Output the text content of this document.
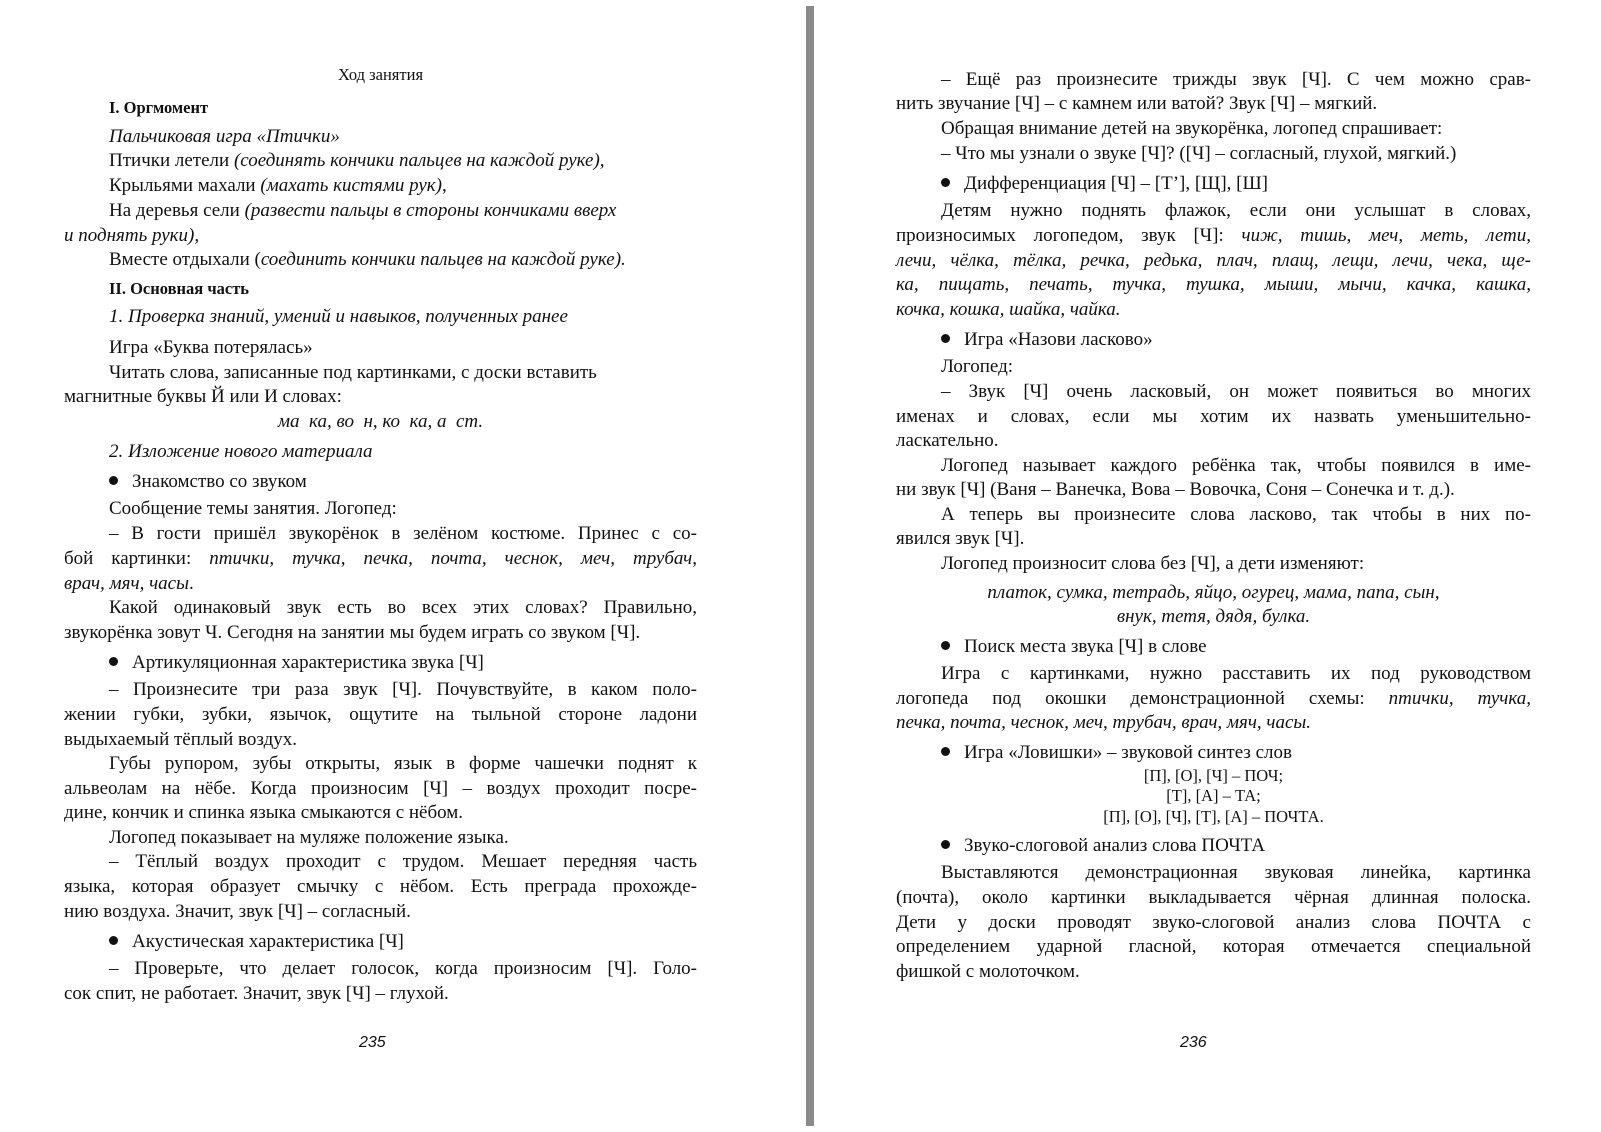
Ход занятия
I. Оргмомент
Пальчиковая игра «Птички»
Птички летели (соединять кончики пальцев на каждой руке),
Крыльями махали (махать кистями рук),
На деревья сели (развести пальцы в стороны кончиками вверх
и поднять руки),
Вместе отдыхали (соединить кончики пальцев на каждой руке).
II. Основная часть
1. Проверка знаний, умений и навыков, полученных ранее
Игра «Буква потерялась»
Читать слова, записанные под картинками, с доски вставить
магнитные буквы Й или И словах:
ма  ка, во  н, ко  ка, а  ст.
2. Изложение нового материала
Знакомство со звуком
Сообщение темы занятия. Логопед:
– В гости пришёл звукорёнок в зелёном костюме. Принес с со-
бой картинки: птички, тучка, печка, почта, чеснок, меч, трубач,
врач, мяч, часы.
Какой одинаковый звук есть во всех этих словах? Правильно,
звукорёнка зовут Ч. Сегодня на занятии мы будем играть со звуком [Ч].
Артикуляционная характеристика звука [Ч]
– Произнесите три раза звук [Ч]. Почувствуйте, в каком поло-
жении губки, зубки, язычок, ощутите на тыльной стороне ладони
выдыхаемый тёплый воздух.
Губы рупором, зубы открыты, язык в форме чашечки поднят к
альвеолам на нёбе. Когда произносим [Ч] – воздух проходит посре-
дине, кончик и спинка языка смыкаются с нёбом.
Логопед показывает на муляже положение языка.
– Тёплый воздух проходит с трудом. Мешает передняя часть
языка, которая образует смычку с нёбом. Есть преграда прохожде-
нию воздуха. Значит, звук [Ч] – согласный.
Акустическая характеристика [Ч]
– Проверьте, что делает голосок, когда произносим [Ч]. Голо-
сок спит, не работает. Значит, звук [Ч] – глухой.
235
– Ещё раз произнесите трижды звук [Ч]. С чем можно срав-
нить звучание [Ч] – с камнем или ватой? Звук [Ч] – мягкий.
Обращая внимание детей на звукорёнка, логопед спрашивает:
– Что мы узнали о звуке [Ч]? ([Ч] – согласный, глухой, мягкий.)
Дифференциация [Ч] – [Т’], [Щ], [Ш]
Детям нужно поднять флажок, если они услышат в словах,
произносимых логопедом, звук [Ч]: чиж, тишь, меч, меть, лети,
лечи, чёлка, тёлка, речка, редька, плач, плащ, лещи, лечи, чека, ще-
ка, пищать, печать, тучка, тушка, мыши, мычи, качка, кашка,
кочка, кошка, шайка, чайка.
Игра «Назови ласково»
Логопед:
– Звук [Ч] очень ласковый, он может появиться во многих
именах и словах, если мы хотим их назвать уменьшительно-
ласкательно.
Логопед называет каждого ребёнка так, чтобы появился в име-
ни звук [Ч] (Ваня – Ванечка, Вова – Вовочка, Соня – Сонечка и т. д.).
А теперь вы произнесите слова ласково, так чтобы в них по-
явился звук [Ч].
Логопед произносит слова без [Ч], а дети изменяют:
платок, сумка, тетрадь, яйцо, огурец, мама, папа, сын,
внук, тетя, дядя, булка.
Поиск места звука [Ч] в слове
Игра с картинками, нужно расставить их под руководством
логопеда под окошки демонстрационной схемы: птички, тучка,
печка, почта, чеснок, меч, трубач, врач, мяч, часы.
Игра «Ловишки» – звуковой синтез слов
[П], [О], [Ч] – ПОЧ;
[Т], [А] – ТА;
[П], [О], [Ч], [Т], [А] – ПОЧТА.
Звуко-слоговой анализ слова ПОЧТА
Выставляются демонстрационная звуковая линейка, картинка
(почта), около картинки выкладывается чёрная длинная полоска.
Дети у доски проводят звуко-слоговой анализ слова ПОЧТА с
определением ударной гласной, которая отмечается специальной
фишкой с молоточком.
236
